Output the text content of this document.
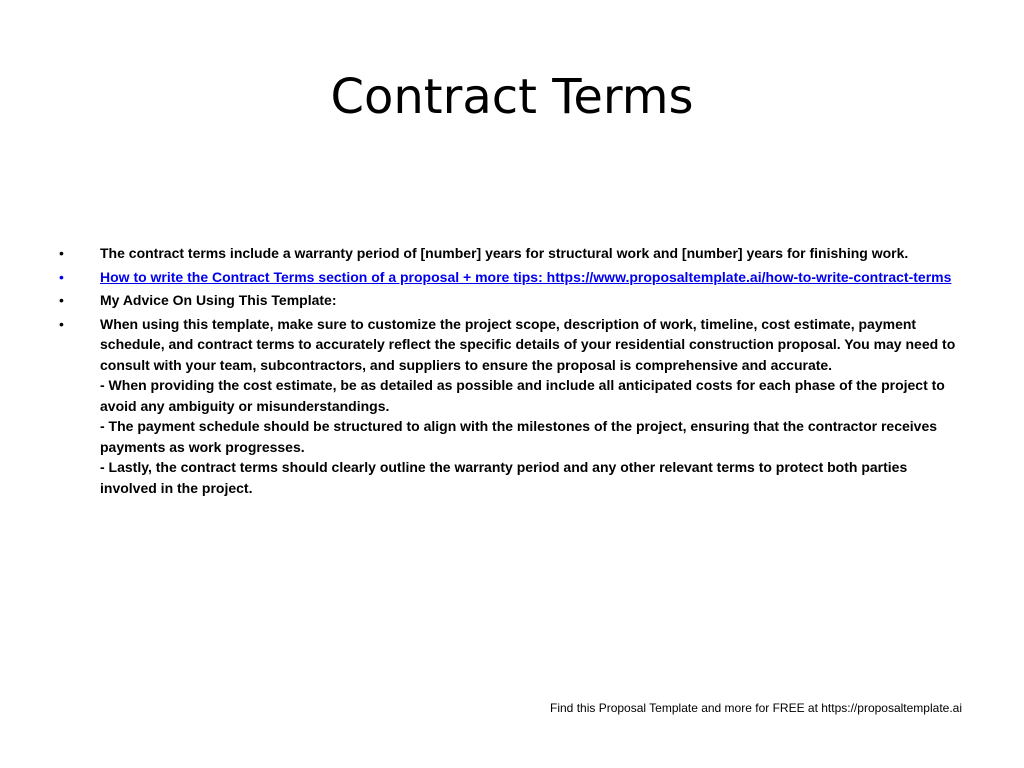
Contract Terms
•	The contract terms include a warranty period of [number] years for structural work and [number] years for finishing work.
•	How to write the Contract Terms section of a proposal + more tips: https://www.proposaltemplate.ai/how-to-write-contract-terms
•	My Advice On Using This Template:
•	When using this template, make sure to customize the project scope, description of work, timeline, cost estimate, payment schedule, and contract terms to accurately reflect the specific details of your residential construction proposal. You may need to consult with your team, subcontractors, and suppliers to ensure the proposal is comprehensive and accurate.
- When providing the cost estimate, be as detailed as possible and include all anticipated costs for each phase of the project to avoid any ambiguity or misunderstandings.
- The payment schedule should be structured to align with the milestones of the project, ensuring that the contractor receives payments as work progresses.
- Lastly, the contract terms should clearly outline the warranty period and any other relevant terms to protect both parties involved in the project.
Find this Proposal Template and more for FREE at https://proposaltemplate.ai
